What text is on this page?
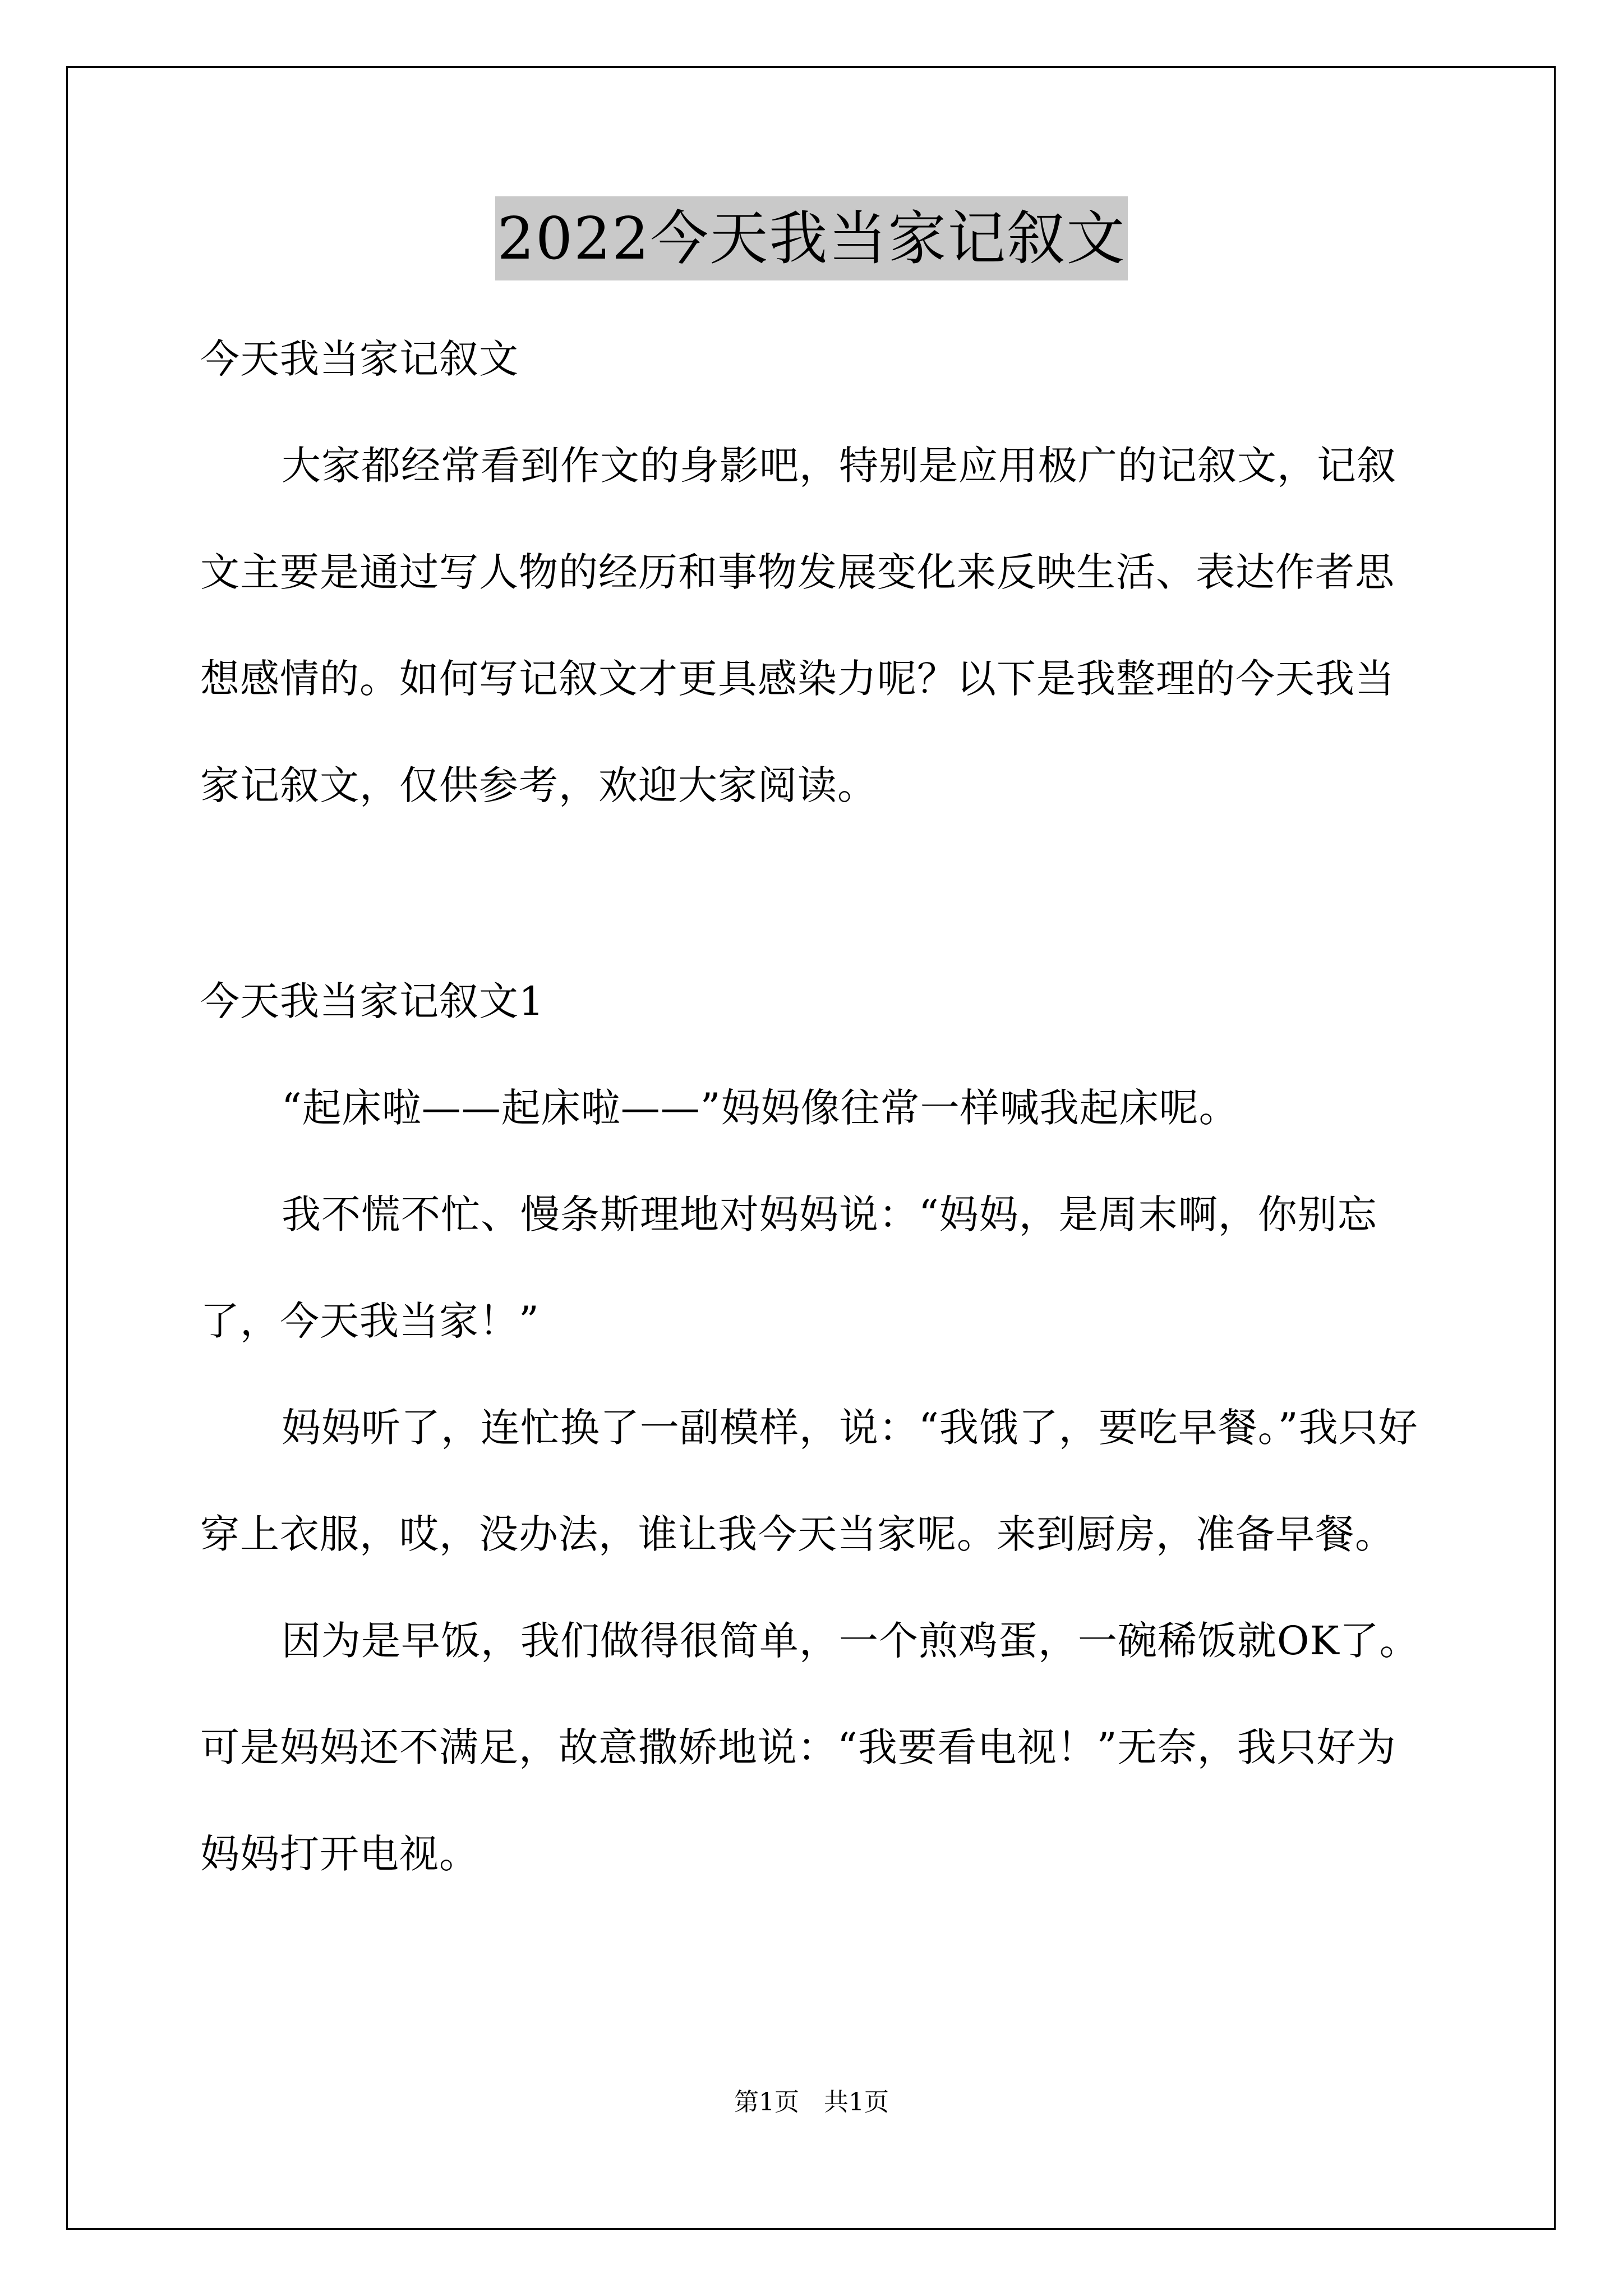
2022今天我当家记叙文

今天我当家记叙文

大家都经常看到作文的身影吧，特别是应用极广的记叙文，记叙文主要是通过写人物的经历和事物发展变化来反映生活、表达作者思想感情的。如何写记叙文才更具感染力呢？以下是我整理的今天我当家记叙文，仅供参考，欢迎大家阅读。

今天我当家记叙文1

“起床啦——起床啦——”妈妈像往常一样喊我起床呢。

我不慌不忙、慢条斯理地对妈妈说：“妈妈，是周末啊，你别忘了，今天我当家！”

妈妈听了，连忙换了一副模样，说：“我饿了，要吃早餐。”我只好穿上衣服，哎，没办法，谁让我今天当家呢。来到厨房，准备早餐。

因为是早饭，我们做得很简单，一个煎鸡蛋，一碗稀饭就OK了。可是妈妈还不满足，故意撒娇地说：“我要看电视！”无奈，我只好为妈妈打开电视。

第1页　共1页
